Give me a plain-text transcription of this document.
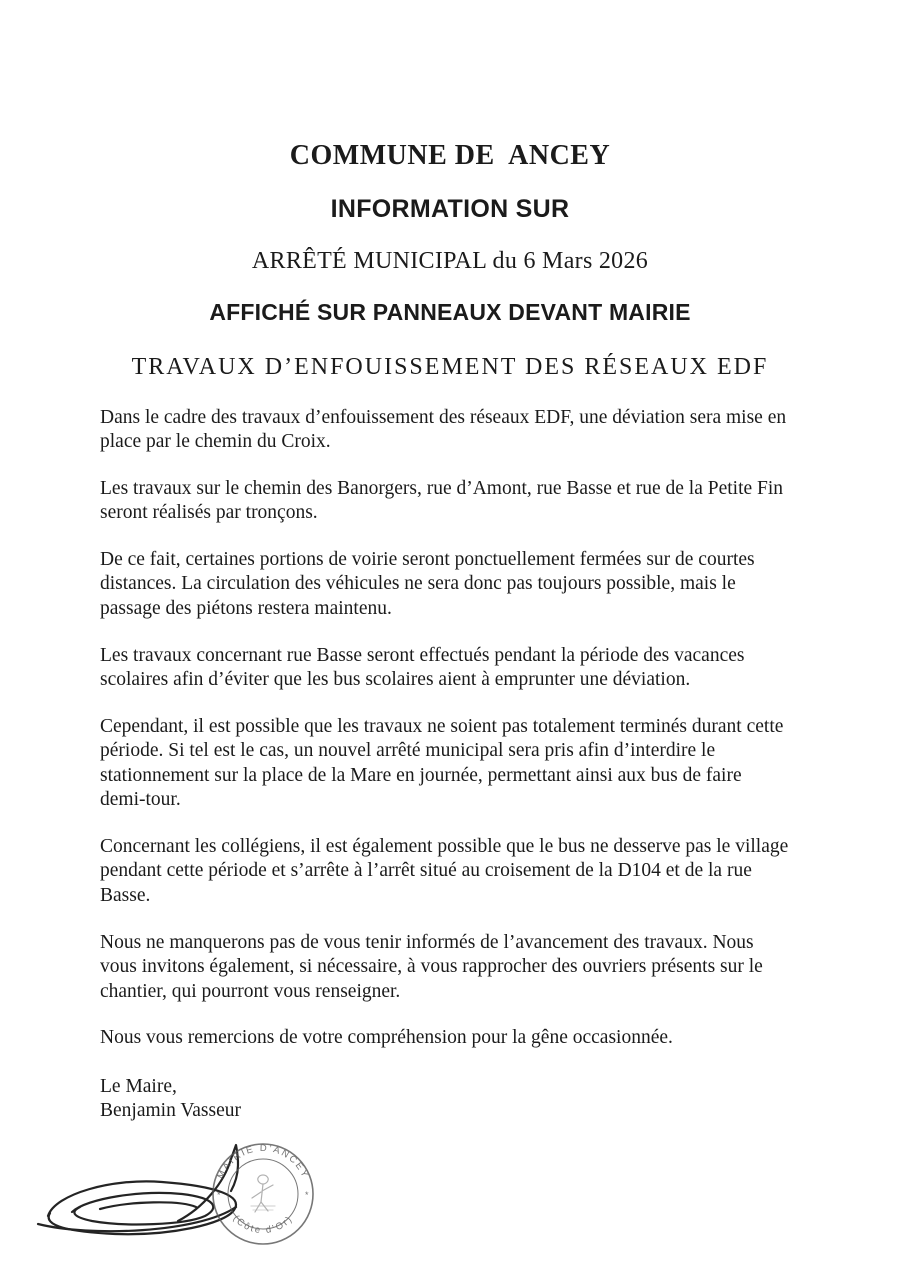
COMMUNE DE  ANCEY
INFORMATION SUR
ARRÊTÉ MUNICIPAL du 6 Mars 2026
AFFICHÉ SUR PANNEAUX DEVANT MAIRIE
TRAVAUX D’ENFOUISSEMENT DES RÉSEAUX EDF

Dans le cadre des travaux d’enfouissement des réseaux EDF, une déviation sera mise en place par le chemin du Croix.

Les travaux sur le chemin des Banorgers, rue d’Amont, rue Basse et rue de la Petite Fin seront réalisés par tronçons.

De ce fait, certaines portions de voirie seront ponctuellement fermées sur de courtes distances. La circulation des véhicules ne sera donc pas toujours possible, mais le passage des piétons restera maintenu.

Les travaux concernant rue Basse seront effectués pendant la période des vacances scolaires afin d’éviter que les bus scolaires aient à emprunter une déviation.

Cependant, il est possible que les travaux ne soient pas totalement terminés durant cette période. Si tel est le cas, un nouvel arrêté municipal sera pris afin d’interdire le stationnement sur la place de la Mare en journée, permettant ainsi aux bus de faire demi-tour.

Concernant les collégiens, il est également possible que le bus ne desserve pas le village pendant cette période et s’arrête à l’arrêt situé au croisement de la D104 et de la rue Basse.

Nous ne manquerons pas de vous tenir informés de l’avancement des travaux. Nous vous invitons également, si nécessaire, à vous rapprocher des ouvriers présents sur le chantier, qui pourront vous renseigner.

Nous vous remercions de votre compréhension pour la gêne occasionnée.

Le Maire,

Benjamin Vasseur

MAIRIE D’ANCEY
(Côte d’Or)
*	*
